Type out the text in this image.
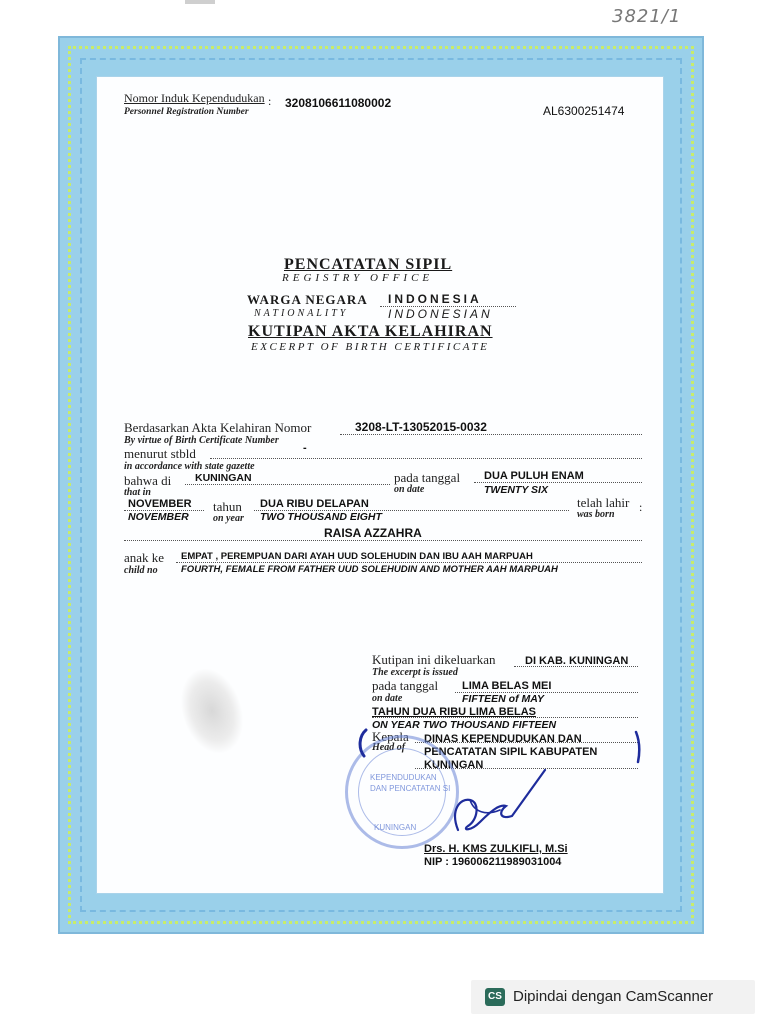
3821/1
Nomor Induk Kependudukan
Personnel Registration Number
: 3208106611080002
AL6300251474
PENCATATAN SIPIL
REGISTRY OFFICE
WARGA NEGARA INDONESIA
NATIONALITY	INDONESIAN
KUTIPAN AKTA KELAHIRAN
EXCERPT OF BIRTH CERTIFICATE
Berdasarkan Akta Kelahiran Nomor
By virtue of Birth Certificate Number
3208-LT-13052015-0032
menurut stbld
in accordance with state gazette
-
bahwa di
that in
KUNINGAN	pada tanggal
on date
DUA PULUH ENAM
TWENTY SIX
NOVEMBER
NOVEMBER
tahun
on year
DUA RIBU DELAPAN
TWO THOUSAND EIGHT
telah lahir
was born
:
RAISA AZZAHRA
anak ke
child no
EMPAT , PEREMPUAN DARI AYAH UUD SOLEHUDIN DAN IBU AAH MARPUAH
FOURTH, FEMALE FROM FATHER UUD SOLEHUDIN AND MOTHER AAH MARPUAH
Kutipan ini dikeluarkan
The excerpt is issued
DI KAB. KUNINGAN
pada tanggal
on date
LIMA BELAS MEI
FIFTEEN of MAY
TAHUN DUA RIBU LIMA BELAS
ON YEAR TWO THOUSAND FIFTEEN
Kepala
Head of
DINAS KEPENDUDUKAN DAN
PENCATATAN SIPIL KABUPATEN
KUNINGAN
KEPENDUDUKAN
DAN PENCATATAN SI
KUNINGAN
Drs. H. KMS ZULKIFLI, M.Si
NIP : 196006211989031004
CS Dipindai dengan CamScanner
